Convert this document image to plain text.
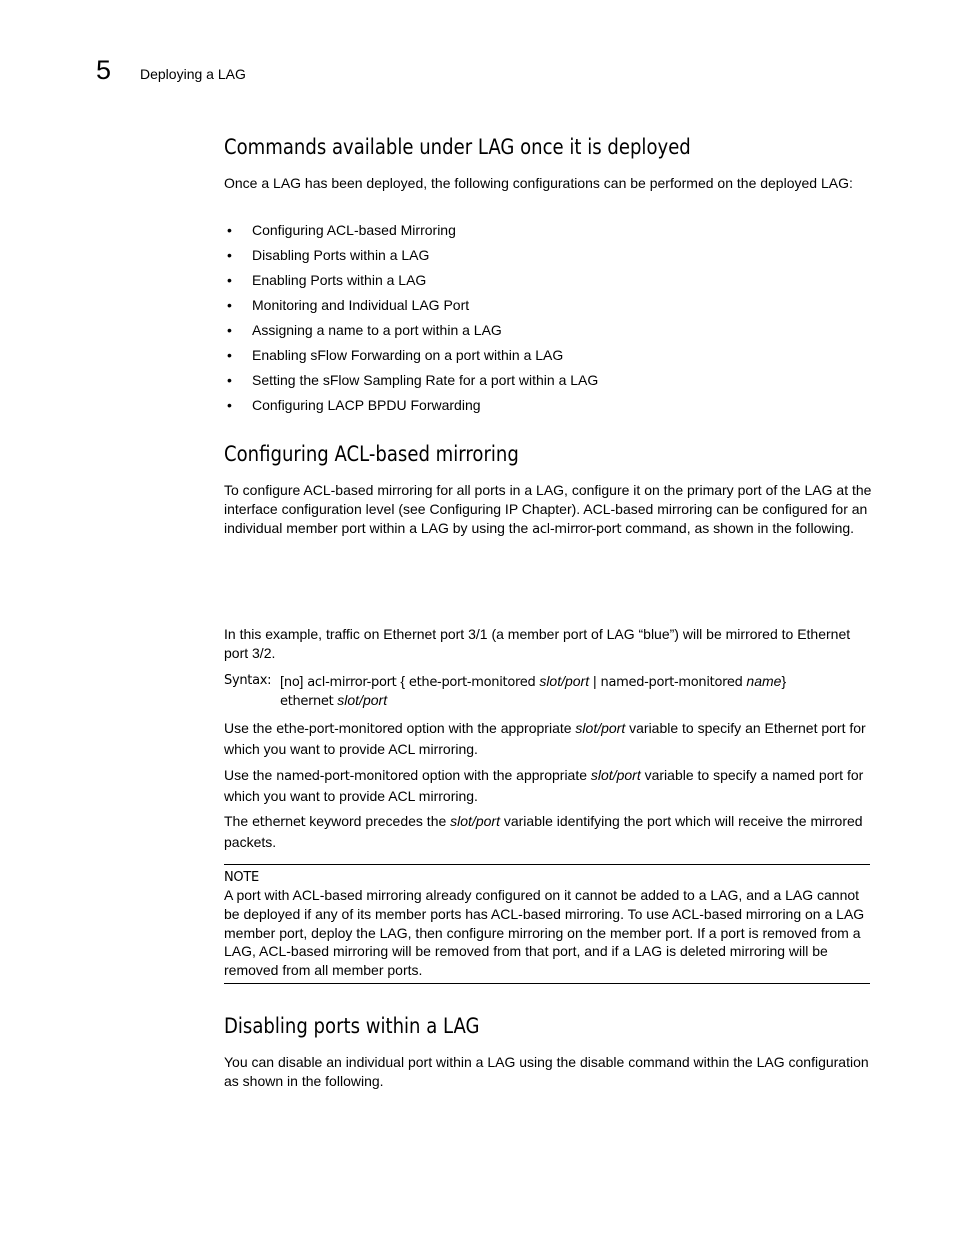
5 Deploying a LAG
Commands available under LAG once it is deployed

Once a LAG has been deployed, the following configurations can be performed on the deployed LAG:

• Configuring ACL-based Mirroring
• Disabling Ports within a LAG
• Enabling Ports within a LAG
• Monitoring and Individual LAG Port
• Assigning a name to a port within a LAG
• Enabling sFlow Forwarding on a port within a LAG
• Setting the sFlow Sampling Rate for a port within a LAG
• Configuring LACP BPDU Forwarding
Configuring ACL-based mirroring

To configure ACL-based mirroring for all ports in a LAG, configure it on the primary port of the LAG at the interface configuration level (see Configuring IP Chapter). ACL-based mirroring can be configured for an individual member port within a LAG by using the acl-mirror-port command, as shown in the following.

In this example, traffic on Ethernet port 3/1 (a member port of LAG “blue”) will be mirrored to Ethernet port 3/2.

Syntax: [no] acl-mirror-port { ethe-port-monitored slot/port | named-port-monitored name}
ethernet slot/port

Use the ethe-port-monitored option with the appropriate slot/port variable to specify an Ethernet port for which you want to provide ACL mirroring.

Use the named-port-monitored option with the appropriate slot/port variable to specify a named port for which you want to provide ACL mirroring.

The ethernet keyword precedes the slot/port variable identifying the port which will receive the mirrored packets.

NOTE

A port with ACL-based mirroring already configured on it cannot be added to a LAG, and a LAG cannot be deployed if any of its member ports has ACL-based mirroring. To use ACL-based mirroring on a LAG member port, deploy the LAG, then configure mirroring on the member port. If a port is removed from a LAG, ACL-based mirroring will be removed from that port, and if a LAG is deleted mirroring will be removed from all member ports.

Disabling ports within a LAG

You can disable an individual port within a LAG using the disable command within the LAG configuration as shown in the following.
